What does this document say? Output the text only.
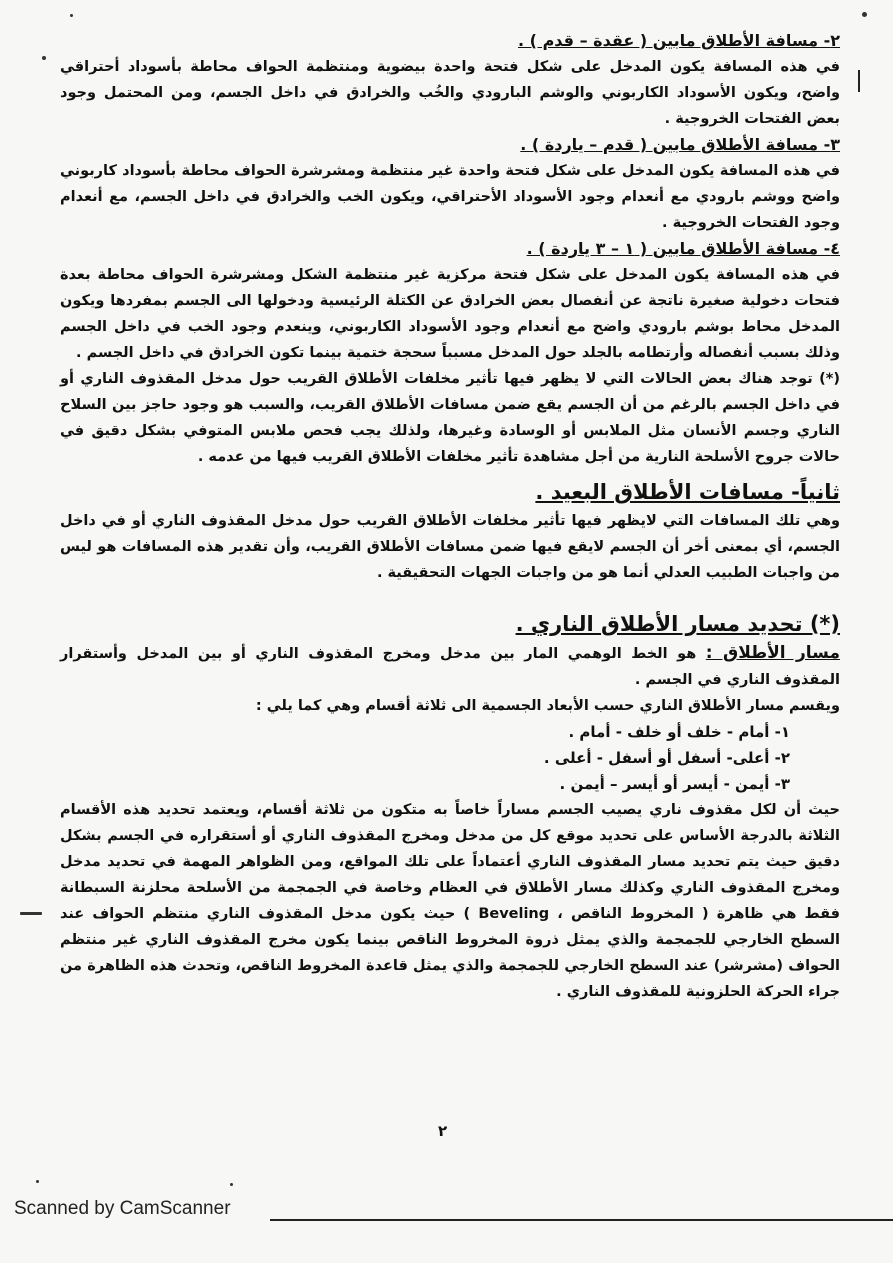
٢- مسافة الأطلاق مابين ( عقدة – قدم ) .

في هذه المسافة يكون المدخل على شكل فتحة واحدة بيضوية ومنتظمة الحواف محاطة بأسوداد أحتراقي واضح، ويكون الأسوداد الكاربوني والوشم البارودي والخُب والخرادق في داخل الجسم، ومن المحتمل وجود بعض الفتحات الخروجية .

٣- مسافة الأطلاق مابين ( قدم – ياردة ) .

في هذه المسافة يكون المدخل على شكل فتحة واحدة غير منتظمة ومشرشرة الحواف محاطة بأسوداد كاربوني واضح ووشم بارودي مع أنعدام وجود الأسوداد الأحتراقي، ويكون الخب والخرادق في داخل الجسم، مع أنعدام وجود الفتحات الخروجية .

٤- مسافة الأطلاق مابين ( ١ – ٣ ياردة ) .

في هذه المسافة يكون المدخل على شكل فتحة مركزية غير منتظمة الشكل ومشرشرة الحواف محاطة بعدة فتحات دخولية صغيرة ناتجة عن أنفصال بعض الخرادق عن الكتلة الرئيسية ودخولها الى الجسم بمفردها ويكون المدخل محاط بوشم بارودي واضح مع أنعدام وجود الأسوداد الكاربوني، وينعدم وجود الخب في داخل الجسم وذلك بسبب أنفصاله وأرتطامه بالجلد حول المدخل مسبباً سحجة ختمية بينما تكون الخرادق في داخل الجسم .

(*) توجد هناك بعض الحالات التي لا يظهر فيها تأثير مخلفات الأطلاق القريب حول مدخل المقذوف الناري أو في داخل الجسم بالرغم من أن الجسم يقع ضمن مسافات الأطلاق القريب، والسبب هو وجود حاجز بين السلاح الناري وجسم الأنسان مثل الملابس أو الوسادة وغيرها، ولذلك يجب فحص ملابس المتوفي بشكل دقيق في حالات جروح الأسلحة النارية من أجل مشاهدة تأثير مخلفات الأطلاق القريب فيها من عدمه .

ثانياً- مسافات الأطلاق البعيد .

وهي تلك المسافات التي لايظهر فيها تأثير مخلفات الأطلاق القريب حول مدخل المقذوف الناري أو في داخل الجسم، أي بمعنى أخر أن الجسم لايقع فيها ضمن مسافات الأطلاق القريب، وأن تقدير هذه المسافات هو ليس من واجبات الطبيب العدلي أنما هو من واجبات الجهات التحقيقية .

(*) تحديد مسار الأطلاق الناري .

مسار الأطلاق : هو الخط الوهمي المار بين مدخل ومخرج المقذوف الناري أو بين المدخل وأستقرار المقذوف الناري في الجسم .

ويقسم مسار الأطلاق الناري حسب الأبعاد الجسمية الى ثلاثة أقسام وهي كما يلي :

١- أمام - خلف أو خلف - أمام .

٢- أعلى- أسفل أو أسفل - أعلى .

٣- أيمن - أيسر أو أيسر – أيمن .

حيث أن لكل مقذوف ناري يصيب الجسم مساراً خاصاً به متكون من ثلاثة أقسام، ويعتمد تحديد هذه الأقسام الثلاثة بالدرجة الأساس على تحديد موقع كل من مدخل ومخرج المقذوف الناري أو أستقراره في الجسم بشكل دقيق حيث يتم تحديد مسار المقذوف الناري أعتماداً على تلك المواقع، ومن الظواهر المهمة في تحديد مدخل ومخرج المقذوف الناري وكذلك مسار الأطلاق في العظام وخاصة في الجمجمة من الأسلحة محلزنة السبطانة فقط هي ظاهرة ( المخروط الناقص ، Beveling ) حيث يكون مدخل المقذوف الناري منتظم الحواف عند السطح الخارجي للجمجمة والذي يمثل ذروة المخروط الناقص بينما يكون مخرج المقذوف الناري غير منتظم الحواف (مشرشر) عند السطح الخارجي للجمجمة والذي يمثل قاعدة المخروط الناقص، وتحدث هذه الظاهرة من جراء الحركة الحلزونية للمقذوف الناري .

٢
Scanned by CamScanner
